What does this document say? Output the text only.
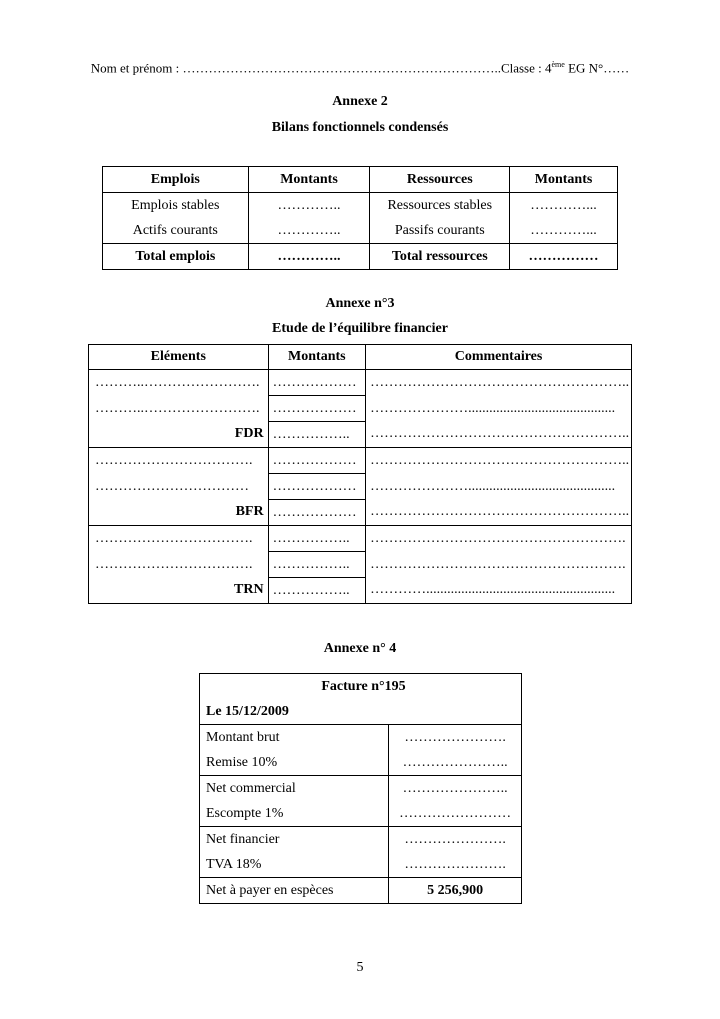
Nom et prénom : ………………………………………………………………..Classe : 4ème EG N°……
Annexe 2
Bilans fonctionnels condensés
Emplois	Montants	Ressources	Montants
Emplois stables	…………..	Ressources stables	…………...
Actifs courants	…………..	Passifs courants	…………...
Total emplois	…………..	Total ressources	……………
Annexe n°3
Etude de l’équilibre financier
Eléments	Montants	Commentaires
………..…………………….	………………	………………………………………………..
………..…………………….	………………	…………………..........................................
FDR	……………..	………………………………………………..
…………………………….	………………	………………………………………………..
……………………………	………………	…………………..........................................
BFR	………………	………………………………………………..
…………………………….	……………..	……………………………………………….
…………………………….	……………..	……………………………………………….
TRN	……………..	…………......................................................
Annexe n° 4
Facture n°195	
Le 15/12/2009	
Montant brut	………………….
Remise 10%	…………………..
Net commercial	…………………..
Escompte 1%	……………………
Net financier	………………….
TVA 18%	………………….
Net à payer en espèces	5 256,900
5
